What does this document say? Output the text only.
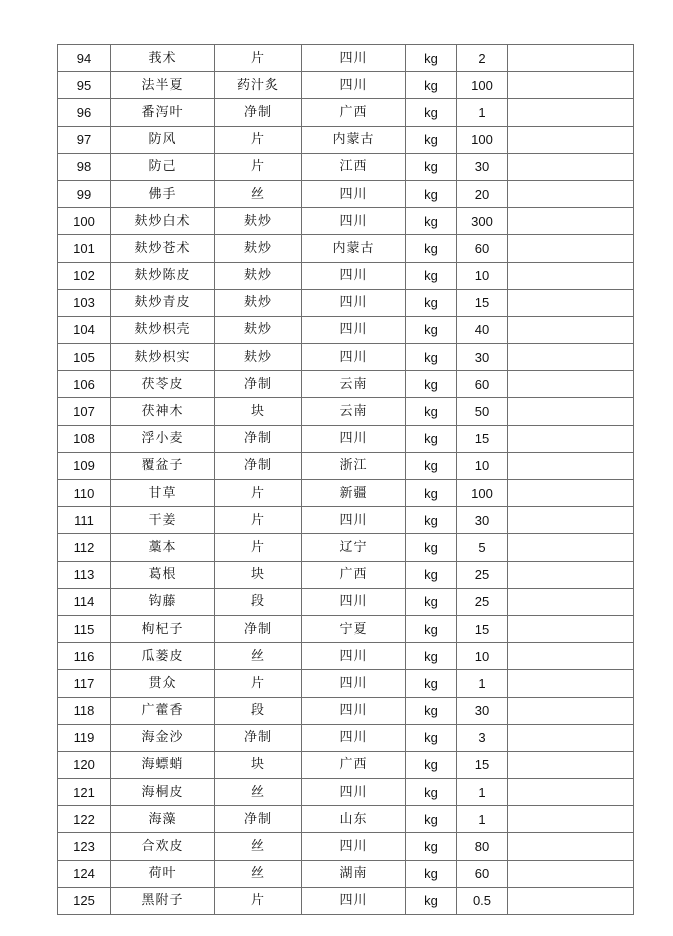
94	莪术	片	四川	kg	2	
95	法半夏	药汁炙	四川	kg	100	
96	番泻叶	净制	广西	kg	1	
97	防风	片	内蒙古	kg	100	
98	防己	片	江西	kg	30	
99	佛手	丝	四川	kg	20	
100	麸炒白术	麸炒	四川	kg	300	
101	麸炒苍术	麸炒	内蒙古	kg	60	
102	麸炒陈皮	麸炒	四川	kg	10	
103	麸炒青皮	麸炒	四川	kg	15	
104	麸炒枳壳	麸炒	四川	kg	40	
105	麸炒枳实	麸炒	四川	kg	30	
106	茯苓皮	净制	云南	kg	60	
107	茯神木	块	云南	kg	50	
108	浮小麦	净制	四川	kg	15	
109	覆盆子	净制	浙江	kg	10	
110	甘草	片	新疆	kg	100	
111	干姜	片	四川	kg	30	
112	藁本	片	辽宁	kg	5	
113	葛根	块	广西	kg	25	
114	钩藤	段	四川	kg	25	
115	枸杞子	净制	宁夏	kg	15	
116	瓜蒌皮	丝	四川	kg	10	
117	贯众	片	四川	kg	1	
118	广藿香	段	四川	kg	30	
119	海金沙	净制	四川	kg	3	
120	海螵蛸	块	广西	kg	15	
121	海桐皮	丝	四川	kg	1	
122	海藻	净制	山东	kg	1	
123	合欢皮	丝	四川	kg	80	
124	荷叶	丝	湖南	kg	60	
125	黑附子	片	四川	kg	0.5	
